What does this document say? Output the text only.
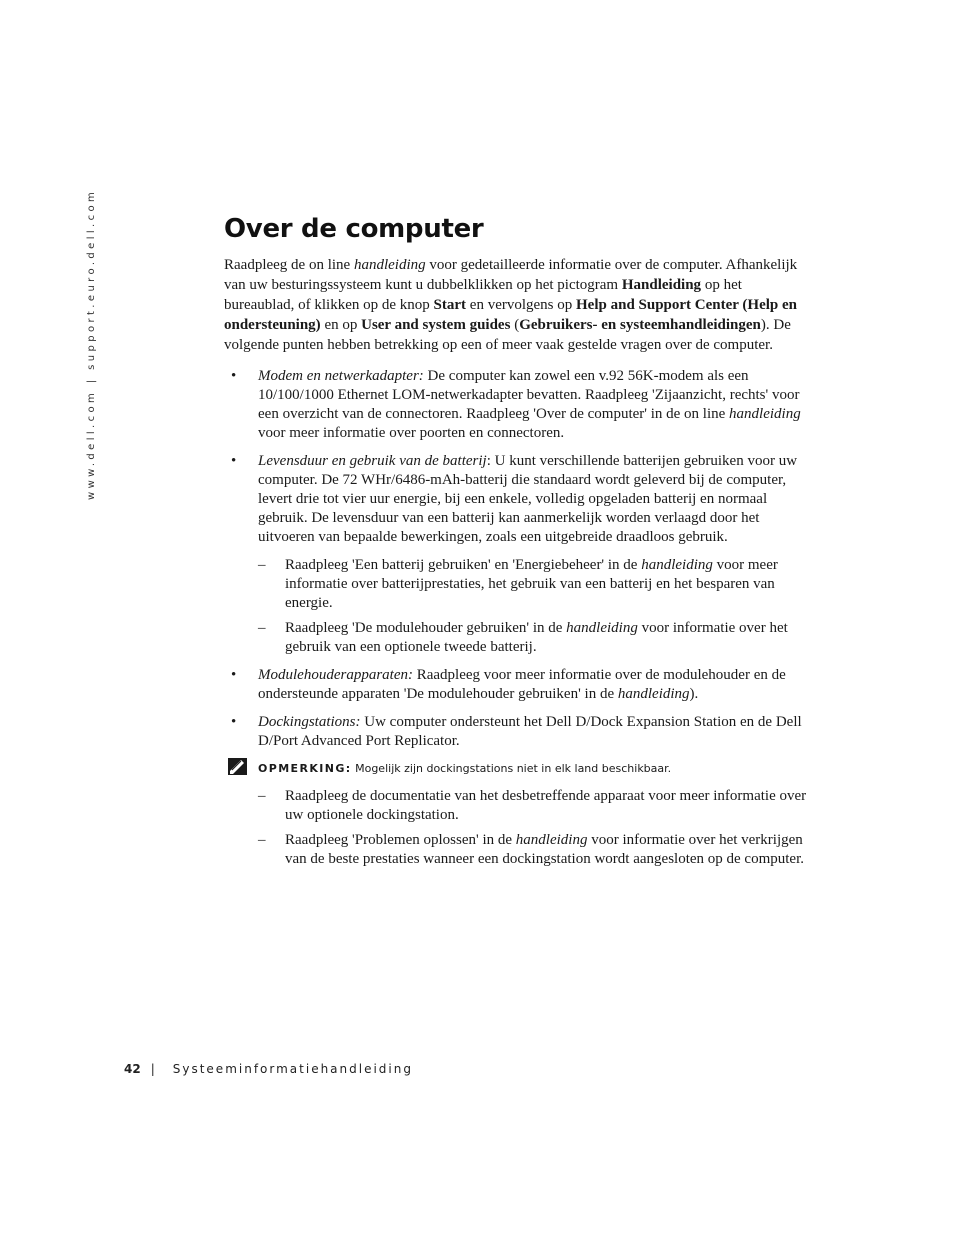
www.dell.com | support.euro.dell.com	Over de computer

Raadpleeg de on line handleiding voor gedetailleerde informatie over de computer. Afhankelijk van uw besturingssysteem kunt u dubbelklikken op het pictogram Handleiding op het bureaublad, of klikken op de knop Start en vervolgens op Help and Support Center (Help en ondersteuning) en op User and system guides (Gebruikers- en systeemhandleidingen). De volgende punten hebben betrekking op een of meer vaak gestelde vragen over de computer.

• Modem en netwerkadapter: De computer kan zowel een v.92 56K-modem als een 10/100/1000 Ethernet LOM-netwerkadapter bevatten. Raadpleeg 'Zijaanzicht, rechts' voor een overzicht van de connectoren. Raadpleeg 'Over de computer' in de on line handleiding voor meer informatie over poorten en connectoren.
• Levensduur en gebruik van de batterij: U kunt verschillende batterijen gebruiken voor uw computer. De 72 WHr/6486-mAh-batterij die standaard wordt geleverd bij de computer, levert drie tot vier uur energie, bij een enkele, volledig opgeladen batterij en normaal gebruik. De levensduur van een batterij kan aanmerkelijk worden verlaagd door het uitvoeren van bepaalde bewerkingen, zoals een uitgebreide draadloos gebruik.
– Raadpleeg 'Een batterij gebruiken' en 'Energiebeheer' in de handleiding voor meer informatie over batterijprestaties, het gebruik van een batterij en het besparen van energie.
– Raadpleeg 'De modulehouder gebruiken' in de handleiding voor informatie over het gebruik van een optionele tweede batterij.
• Modulehouderapparaten: Raadpleeg voor meer informatie over de modulehouder en de ondersteunde apparaten 'De modulehouder gebruiken' in de handleiding).
• Dockingstations: Uw computer ondersteunt het Dell D/Dock Expansion Station en de Dell D/Port Advanced Port Replicator.
OPMERKING: Mogelijk zijn dockingstations niet in elk land beschikbaar.
– Raadpleeg de documentatie van het desbetreffende apparaat voor meer informatie over uw optionele dockingstation.
– Raadpleeg 'Problemen oplossen' in de handleiding voor informatie over het verkrijgen van de beste prestaties wanneer een dockingstation wordt aangesloten op de computer.
42 | Systeeminformatiehandleiding
